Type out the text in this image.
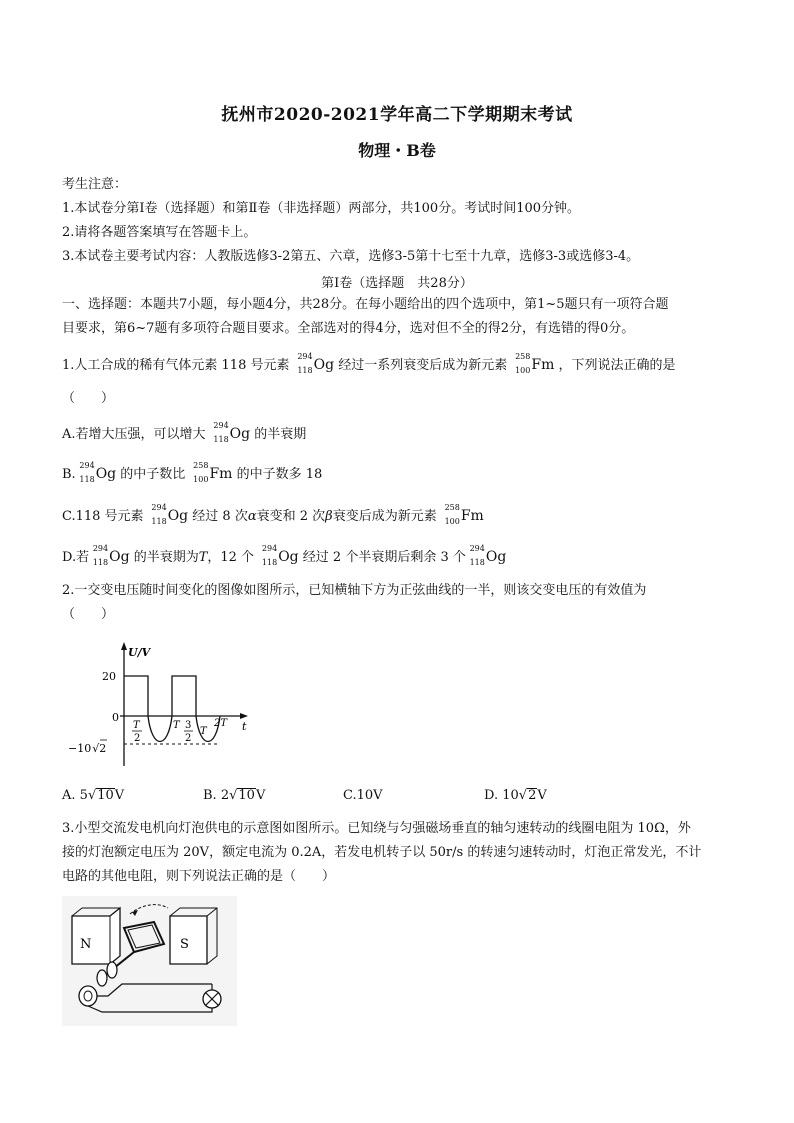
抚州市2020-2021学年高二下学期期末考试
物理・B卷
考生注意：
1.本试卷分第Ⅰ卷（选择题）和第Ⅱ卷（非选择题）两部分，共100分。考试时间100分钟。
2.请将各题答案填写在答题卡上。
3.本试卷主要考试内容：人教版选修3-2第五、六章，选修3-5第十七至十九章，选修3-3或选修3-4。
第Ⅰ卷（选择题　共28分）
一、选择题：本题共7小题，每小题4分，共28分。在每小题给出的四个选项中，第1~5题只有一项符合题
目要求，第6~7题有多项符合题目要求。全部选对的得4分，选对但不全的得2分，有选错的得0分。
1.人工合成的稀有气体元素 118 号元素
294
118 Og 经过一系列衰变后成为新元素
258
100 Fm ，下列说法正确的是
（　　）
A.若增大压强，可以增大
294
118 Og 的半衰期
B.
294
118 Og 的中子数比
258
100 Fm 的中子数多 18
C.118 号元素
294
118 Og 经过 8 次α衰变和 2 次β衰变后成为新元素
258
100 Fm
D.若
294
118 Og 的半衰期为T，12 个
294
118 Og 经过 2 个半衰期后剩余 3 个
294
118 Og
2.一交变电压随时间变化的图像如图所示，已知横轴下方为正弦曲线的一半，则该交变电压的有效值为
（　　）
U/V
t
20
0
−10√2
T
2
T 3
2
T
2T
A. 5√10V	B. 2√10V	C.10V	D. 10√2V
3.小型交流发电机向灯泡供电的示意图如图所示。已知绕与匀强磁场垂直的轴匀速转动的线圈电阻为 10Ω，外
接的灯泡额定电压为 20V，额定电流为 0.2A，若发电机转子以 50r/s 的转速匀速转动时，灯泡正常发光，不计
电路的其他电阻，则下列说法正确的是（　　）
N	S
